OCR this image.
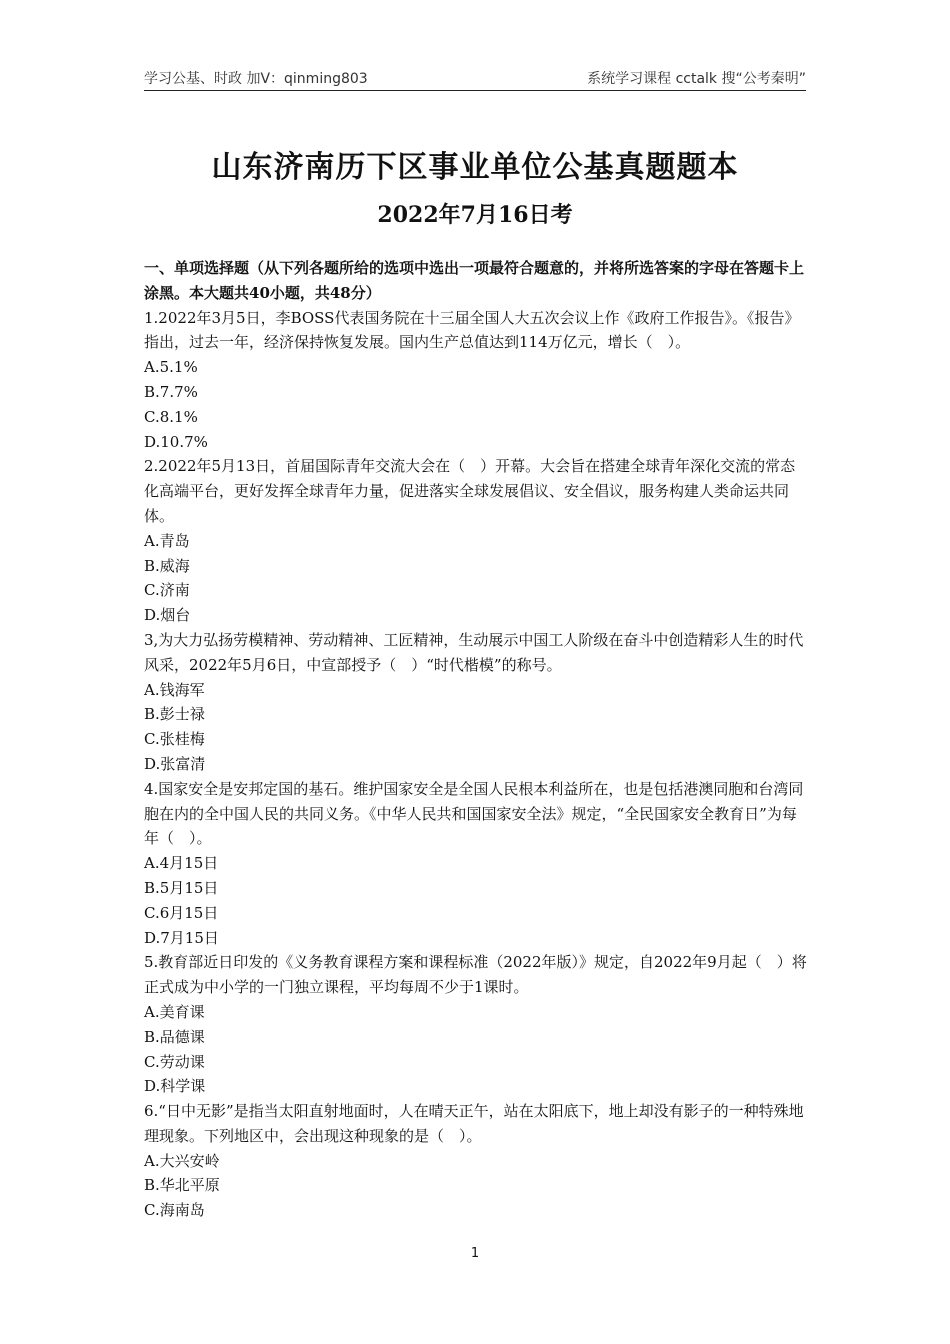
学习公基、时政 加V：qinming803	系统学习课程 cctalk 搜“公考秦明”
山东济南历下区事业单位公基真题题本
2022年7月16日考

一、单项选择题（从下列各题所给的选项中选出一项最符合题意的，并将所选答案的字母在答题卡上涂黑。本大题共40小题，共48分）

1.2022年3月5日，李BOSS代表国务院在十三届全国人大五次会议上作《政府工作报告》。《报告》指出，过去一年，经济保持恢复发展。国内生产总值达到114万亿元，增长（　）。

A.5.1%

B.7.7%

C.8.1%

D.10.7%

2.2022年5月13日，首届国际青年交流大会在（　）开幕。大会旨在搭建全球青年深化交流的常态化高端平台，更好发挥全球青年力量，促进落实全球发展倡议、安全倡议，服务构建人类命运共同体。

A.青岛

B.威海

C.济南

D.烟台

3,为大力弘扬劳模精神、劳动精神、工匠精神，生动展示中国工人阶级在奋斗中创造精彩人生的时代风采，2022年5月6日，中宣部授予（　）“时代楷模”的称号。

A.钱海军

B.彭士禄

C.张桂梅

D.张富清

4.国家安全是安邦定国的基石。维护国家安全是全国人民根本利益所在，也是包括港澳同胞和台湾同胞在内的全中国人民的共同义务。《中华人民共和国国家安全法》规定，“全民国家安全教育日”为每年（　）。

A.4月15日

B.5月15日

C.6月15日

D.7月15日

5.教育部近日印发的《义务教育课程方案和课程标准（2022年版）》规定，自2022年9月起（　）将正式成为中小学的一门独立课程，平均每周不少于1课时。

A.美育课

B.品德课

C.劳动课

D.科学课

6.“日中无影”是指当太阳直射地面时，人在晴天正午，站在太阳底下，地上却没有影子的一种特殊地理现象。下列地区中，会出现这种现象的是（　）。

A.大兴安岭

B.华北平原

C.海南岛

1
